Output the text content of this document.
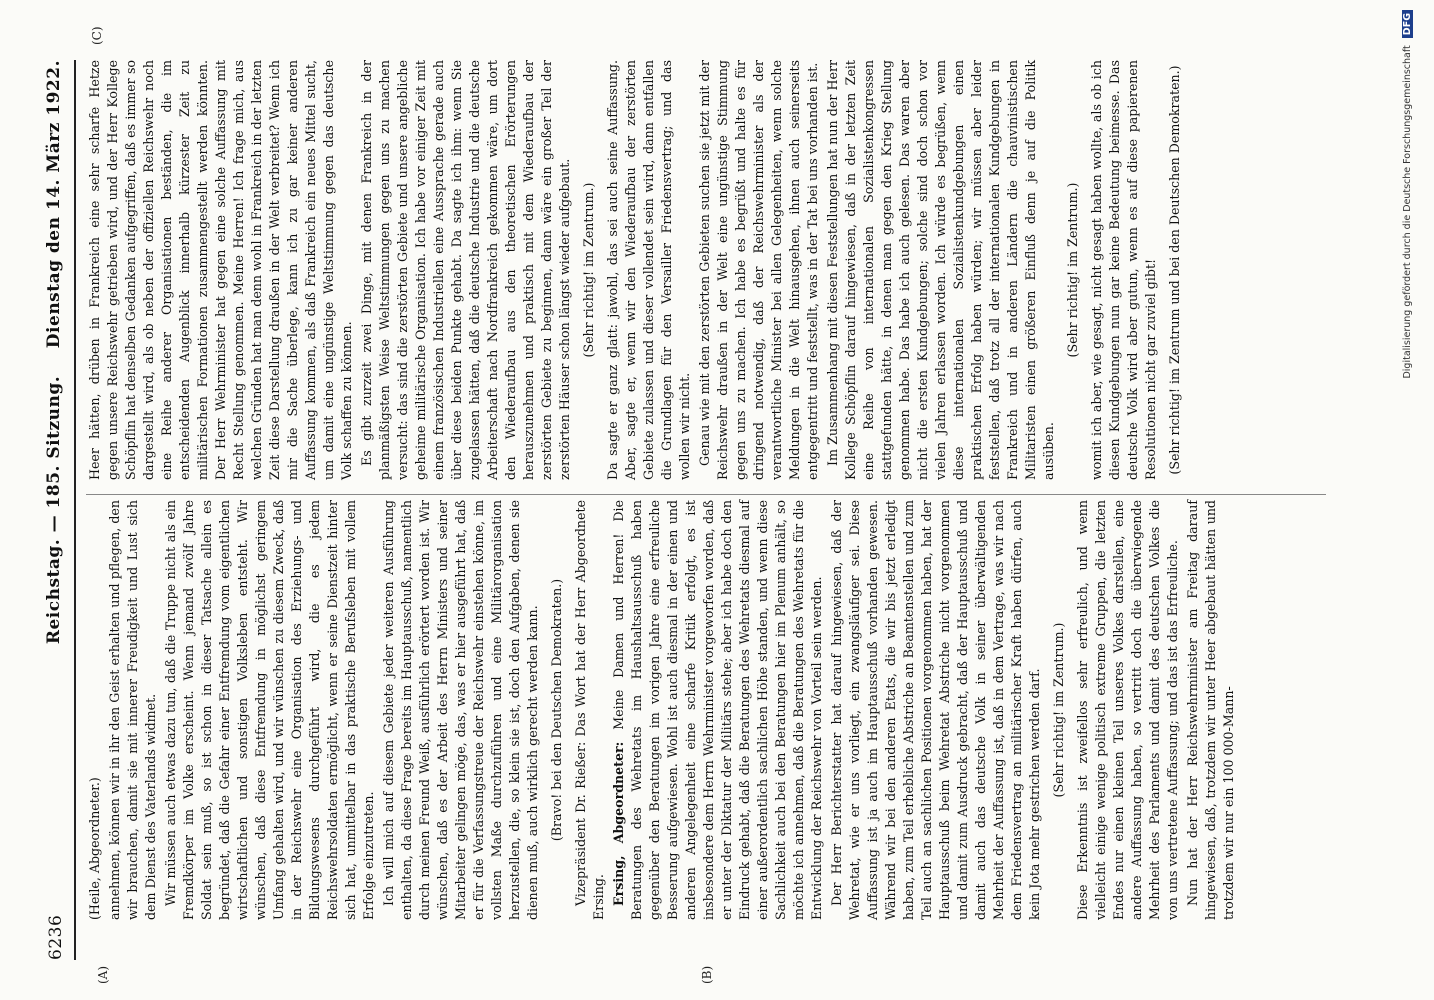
6236
Reichstag. — 185. Sitzung.
Dienstag den 14. März 1922.
(A)	(B)
(C)

(Heile, Abgeordneter.) annehmen, können wir in ihr den Geist erhalten und pflegen, den wir brauchen, damit sie mit innerer Freudigkeit und Lust sich dem Dienst des Vaterlands widmet. Wir müssen auch etwas dazu tun, daß die Truppe nicht als ein Fremdkörper im Volke erscheint. Wenn jemand zwölf Jahre Soldat sein muß, so ist schon in dieser Tatsache allein es begründet, daß die Gefahr einer Entfremdung vom eigentlichen wirtschaftlichen und sonstigen Volksleben entsteht. Wir wünschen, daß diese Entfremdung in möglichst geringem Umfang gehalten wird, und wir wünschen zu diesem Zweck, daß in der Reichswehr eine Organisation des Erziehungs- und Bildungswesens durchgeführt wird, die es jedem Reichswehrsoldaten ermöglicht, wenn er seine Dienstzeit hinter sich hat, unmittelbar in das praktische Berufsleben mit vollem Erfolge einzutreten. Ich will mich auf diesem Gebiete jeder weiteren Ausführung enthalten, da diese Frage bereits im Hauptausschuß, namentlich durch meinen Freund Weiß, ausführlich erörtert worden ist. Wir wünschen, daß es der Arbeit des Herrn Ministers und seiner Mitarbeiter gelingen möge, das, was er hier ausgeführt hat, daß er für die Verfassungstreue der Reichswehr einstehen könne, im vollsten Maße durchzuführen und eine Militärorganisation herzustellen, die, so klein sie ist, doch den Aufgaben, denen sie dienen muß, auch wirklich gerecht werden kann. (Bravo! bei den Deutschen Demokraten.) Vizepräsident Dr. Rießer: Das Wort hat der Herr Abgeordnete Ersing. Ersing, Abgeordneter: Meine Damen und Herren! Die Beratungen des Wehretats im Haushaltsausschuß haben gegenüber den Beratungen im vorigen Jahre eine erfreuliche Besserung aufgewiesen. Wohl ist auch diesmal in der einen und anderen Angelegenheit eine scharfe Kritik erfolgt, es ist insbesondere dem Herrn Wehrminister vorgeworfen worden, daß er unter der Diktatur der Militärs stehe; aber ich habe doch den Eindruck gehabt, daß die Beratungen des Wehretats diesmal auf einer außerordentlich sachlichen Höhe standen, und wenn diese Sachlichkeit auch bei den Beratungen hier im Plenum anhält, so möchte ich annehmen, daß die Beratungen des Wehretats für die Entwicklung der Reichswehr von Vorteil sein werden. Der Herr Berichterstatter hat darauf hingewiesen, daß der Wehretat, wie er uns vorliegt, ein zwangsläufiger sei. Diese Auffassung ist ja auch im Hauptausschuß vorhanden gewesen. Während wir bei den anderen Etats, die wir bis jetzt erledigt haben, zum Teil erhebliche Abstriche an Beamtenstellen und zum Teil auch an sachlichen Positionen vorgenommen haben, hat der Hauptausschuß beim Wehretat Abstriche nicht vorgenommen und damit zum Ausdruck gebracht, daß der Hauptausschuß und damit auch das deutsche Volk in seiner überwältigenden Mehrheit der Auffassung ist, daß in dem Vertrage, was wir nach dem Friedensvertrag an militärischer Kraft haben dürfen, auch kein Jota mehr gestrichen werden darf. (Sehr richtig! im Zentrum.) Diese Erkenntnis ist zweifellos sehr erfreulich, und wenn vielleicht einige wenige politisch extreme Gruppen, die letzten Endes nur einen kleinen Teil unseres Volkes darstellen, eine andere Auffassung haben, so vertritt doch die überwiegende Mehrheit des Parlaments und damit des deutschen Volkes die von uns vertretene Auffassung; und das ist das Erfreuliche. Nun hat der Herr Reichswehrminister am Freitag darauf hingewiesen, daß, trotzdem wir unter Heer abgebaut hätten und trotzdem wir nur ein 100 000-Mann-

Heer hätten, drüben in Frankreich eine sehr scharfe Hetze gegen unsere Reichswehr getrieben wird, und der Herr Kollege Schöpflin hat denselben Gedanken aufgegriffen, daß es immer so dargestellt wird, als ob neben der offiziellen Reichswehr noch eine Reihe anderer Organisationen beständen, die im entscheidenden Augenblick innerhalb kürzester Zeit zu militärischen Formationen zusammengestellt werden könnten. Der Herr Wehrminister hat gegen eine solche Auffassung mit Recht Stellung genommen. Meine Herren! Ich frage mich, aus welchen Gründen hat man denn wohl in Frankreich in der letzten Zeit diese Darstellung draußen in der Welt verbreitet? Wenn ich mir die Sache überlege, kann ich zu gar keiner anderen Auffassung kommen, als daß Frankreich ein neues Mittel sucht, um damit eine ungünstige Weltstimmung gegen das deutsche Volk schaffen zu können. Es gibt zurzeit zwei Dinge, mit denen Frankreich in der planmäßigsten Weise Weltstimmungen gegen uns zu machen versucht: das sind die zerstörten Gebiete und unsere angebliche geheime militärische Organisation. Ich habe vor einiger Zeit mit einem französischen Industriellen eine Aussprache gerade auch über diese beiden Punkte gehabt. Da sagte ich ihm: wenn Sie zugelassen hätten, daß die deutsche Industrie und die deutsche Arbeiterschaft nach Nordfrankreich gekommen wäre, um dort den Wiederaufbau aus den theoretischen Erörterungen herauszunehmen und praktisch mit dem Wiederaufbau der zerstörten Gebiete zu beginnen, dann wäre ein großer Teil der zerstörten Häuser schon längst wieder aufgebaut. (Sehr richtig! im Zentrum.) Da sagte er ganz glatt: jawohl, das sei auch seine Auffassung. Aber, sagte er, wenn wir den Wiederaufbau der zerstörten Gebiete zulassen und dieser vollendet sein wird, dann entfallen die Grundlagen für den Versailler Friedensvertrag; und das wollen wir nicht. Genau wie mit den zerstörten Gebieten suchen sie jetzt mit der Reichswehr draußen in der Welt eine ungünstige Stimmung gegen uns zu machen. Ich habe es begrüßt und halte es für dringend notwendig, daß der Reichswehrminister als der verantwortliche Minister bei allen Gelegenheiten, wenn solche Meldungen in die Welt hinausgehen, ihnen auch seinerseits entgegentritt und feststellt, was in der Tat bei uns vorhanden ist. Im Zusammenhang mit diesen Feststellungen hat nun der Herr Kollege Schöpflin darauf hingewiesen, daß in der letzten Zeit eine Reihe von internationalen Sozialistenkongressen stattgefunden hätte, in denen man gegen den Krieg Stellung genommen habe. Das habe ich auch gelesen. Das waren aber nicht die ersten Kundgebungen; solche sind doch schon vor vielen Jahren erlassen worden. Ich würde es begrüßen, wenn diese internationalen Sozialistenkundgebungen einen praktischen Erfolg haben würden; wir müssen aber leider feststellen, daß trotz all der internationalen Kundgebungen in Frankreich und in anderen Ländern die chauvinistischen Militaristen einen größeren Einfluß denn je auf die Politik ausüben.

(Sehr richtig! im Zentrum.) womit ich aber, wie gesagt, nicht gesagt haben wollte, als ob ich diesen Kundgebungen nun gar keine Bedeutung beimesse. Das deutsche Volk wird aber gutun, wenn es auf diese papierenen Resolutionen nicht gar zuviel gibt! (Sehr richtig! im Zentrum und bei den Deutschen Demokraten.)	Digitalisierung gefördert durch die Deutsche Forschungsgemeinschaft DFG
